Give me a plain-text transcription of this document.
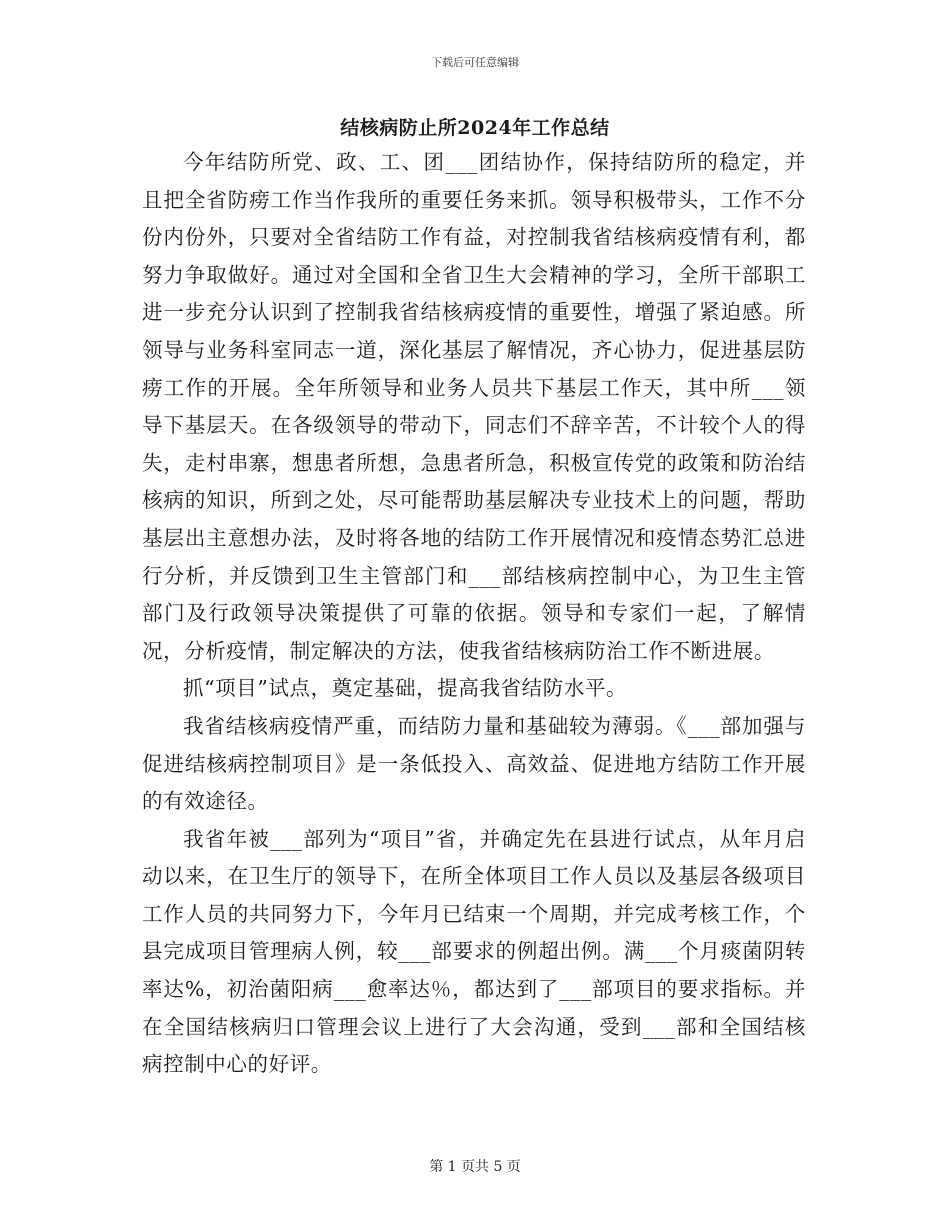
下载后可任意编辑
结核病防止所2024年工作总结

今年结防所党、政、工、团___团结协作，保持结防所的稳定，并且把全省防痨工作当作我所的重要任务来抓。领导积极带头，工作不分份内份外，只要对全省结防工作有益，对控制我省结核病疫情有利，都努力争取做好。通过对全国和全省卫生大会精神的学习，全所干部职工进一步充分认识到了控制我省结核病疫情的重要性，增强了紧迫感。所领导与业务科室同志一道，深化基层了解情况，齐心协力，促进基层防痨工作的开展。全年所领导和业务人员共下基层工作天，其中所___领导下基层天。在各级领导的带动下，同志们不辞辛苦，不计较个人的得失，走村串寨，想患者所想，急患者所急，积极宣传党的政策和防治结核病的知识，所到之处，尽可能帮助基层解决专业技术上的问题，帮助基层出主意想办法，及时将各地的结防工作开展情况和疫情态势汇总进行分析，并反馈到卫生主管部门和___部结核病控制中心，为卫生主管部门及行政领导决策提供了可靠的依据。领导和专家们一起，了解情况，分析疫情，制定解决的方法，使我省结核病防治工作不断进展。

抓“项目”试点，奠定基础，提高我省结防水平。

我省结核病疫情严重，而结防力量和基础较为薄弱。《___部加强与促进结核病控制项目》是一条低投入、高效益、促进地方结防工作开展的有效途径。

我省年被___部列为“项目”省，并确定先在县进行试点，从年月启动以来，在卫生厅的领导下，在所全体项目工作人员以及基层各级项目工作人员的共同努力下，今年月已结束一个周期，并完成考核工作，个县完成项目管理病人例，较___部要求的例超出例。满___个月痰菌阴转率达%，初治菌阳病___愈率达％，都达到了___部项目的要求指标。并在全国结核病归口管理会议上进行了大会沟通，受到___部和全国结核病控制中心的好评。

第 1 页共 5 页
